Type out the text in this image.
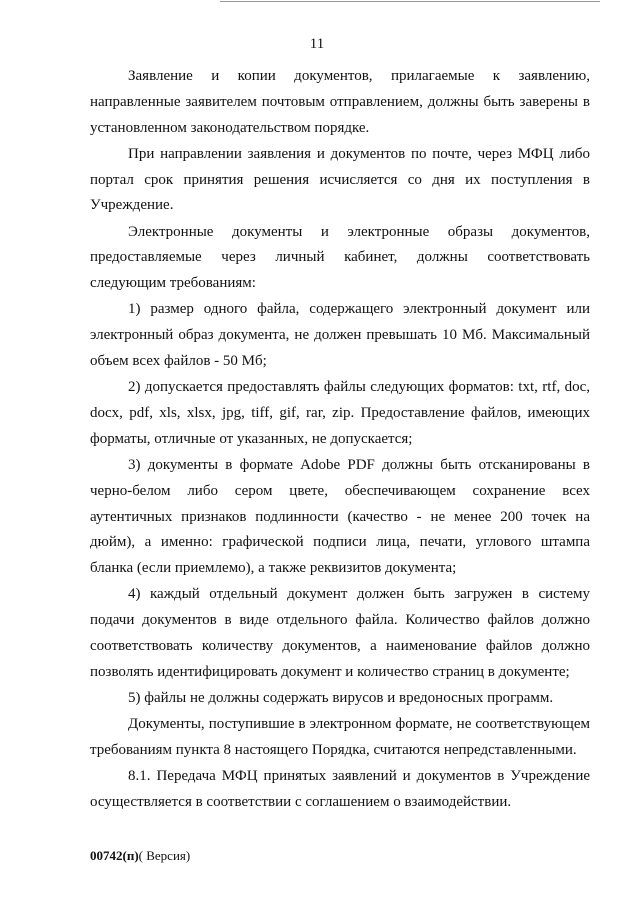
11

Заявление и копии документов, прилагаемые к заявлению, направленные заявителем почтовым отправлением, должны быть заверены в установленном законодательством порядке.

При направлении заявления и документов по почте, через МФЦ либо портал срок принятия решения исчисляется со дня их поступления в Учреждение.

Электронные документы и электронные образы документов, предоставляемые через личный кабинет, должны соответствовать следующим требованиям:

1) размер одного файла, содержащего электронный документ или электронный образ документа, не должен превышать 10 Мб. Максимальный объем всех файлов - 50 Мб;

2) допускается предоставлять файлы следующих форматов: txt, rtf, doc, docx, pdf, xls, xlsx, jpg, tiff, gif, rar, zip. Предоставление файлов, имеющих форматы, отличные от указанных, не допускается;

3) документы в формате Adobe PDF должны быть отсканированы в черно-белом либо сером цвете, обеспечивающем сохранение всех аутентичных признаков подлинности (качество - не менее 200 точек на дюйм), а именно: графической подписи лица, печати, углового штампа бланка (если приемлемо), а также реквизитов документа;

4) каждый отдельный документ должен быть загружен в систему подачи документов в виде отдельного файла. Количество файлов должно соответствовать количеству документов, а наименование файлов должно позволять идентифицировать документ и количество страниц в документе;

5) файлы не должны содержать вирусов и вредоносных программ.

Документы, поступившие в электронном формате, не соответствующем требованиям пункта 8 настоящего Порядка, считаются непредставленными.

8.1. Передача МФЦ принятых заявлений и документов в Учреждение осуществляется в соответствии с соглашением о взаимодействии.

00742(п)( Версия)
